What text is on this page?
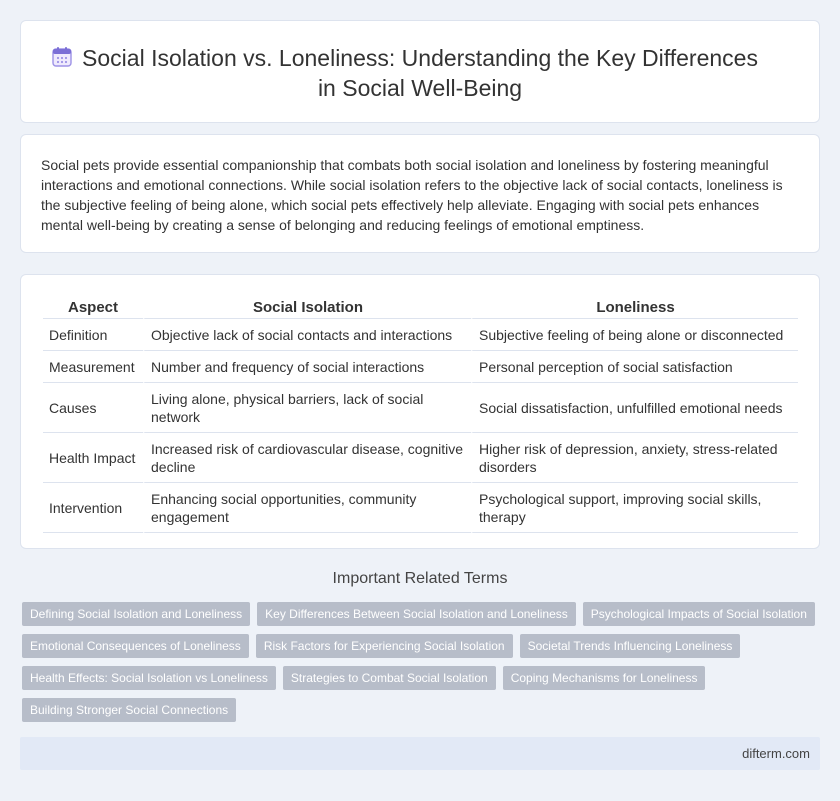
Social Isolation vs. Loneliness: Understanding the Key Differences
in Social Well-Being

Social pets provide essential companionship that combats both social isolation and loneliness by fostering meaningful interactions and emotional connections. While social isolation refers to the objective lack of social contacts, loneliness is the subjective feeling of being alone, which social pets effectively help alleviate. Engaging with social pets enhances mental well-being by creating a sense of belonging and reducing feelings of emotional emptiness.

Aspect	Social Isolation	Loneliness
Definition	Objective lack of social contacts and interactions	Subjective feeling of being alone or disconnected
Measurement	Number and frequency of social interactions	Personal perception of social satisfaction
Causes	Living alone, physical barriers, lack of social network	Social dissatisfaction, unfulfilled emotional needs
Health Impact	Increased risk of cardiovascular disease, cognitive decline	Higher risk of depression, anxiety, stress-related disorders
Intervention	Enhancing social opportunities, community engagement	Psychological support, improving social skills, therapy
Important Related Terms
Defining Social Isolation and Loneliness	Key Differences Between Social Isolation and Loneliness	Psychological Impacts of Social Isolation
Emotional Consequences of Loneliness	Risk Factors for Experiencing Social Isolation	Societal Trends Influencing Loneliness
Health Effects: Social Isolation vs Loneliness	Strategies to Combat Social Isolation	Coping Mechanisms for Loneliness
Building Stronger Social Connections
difterm.com
